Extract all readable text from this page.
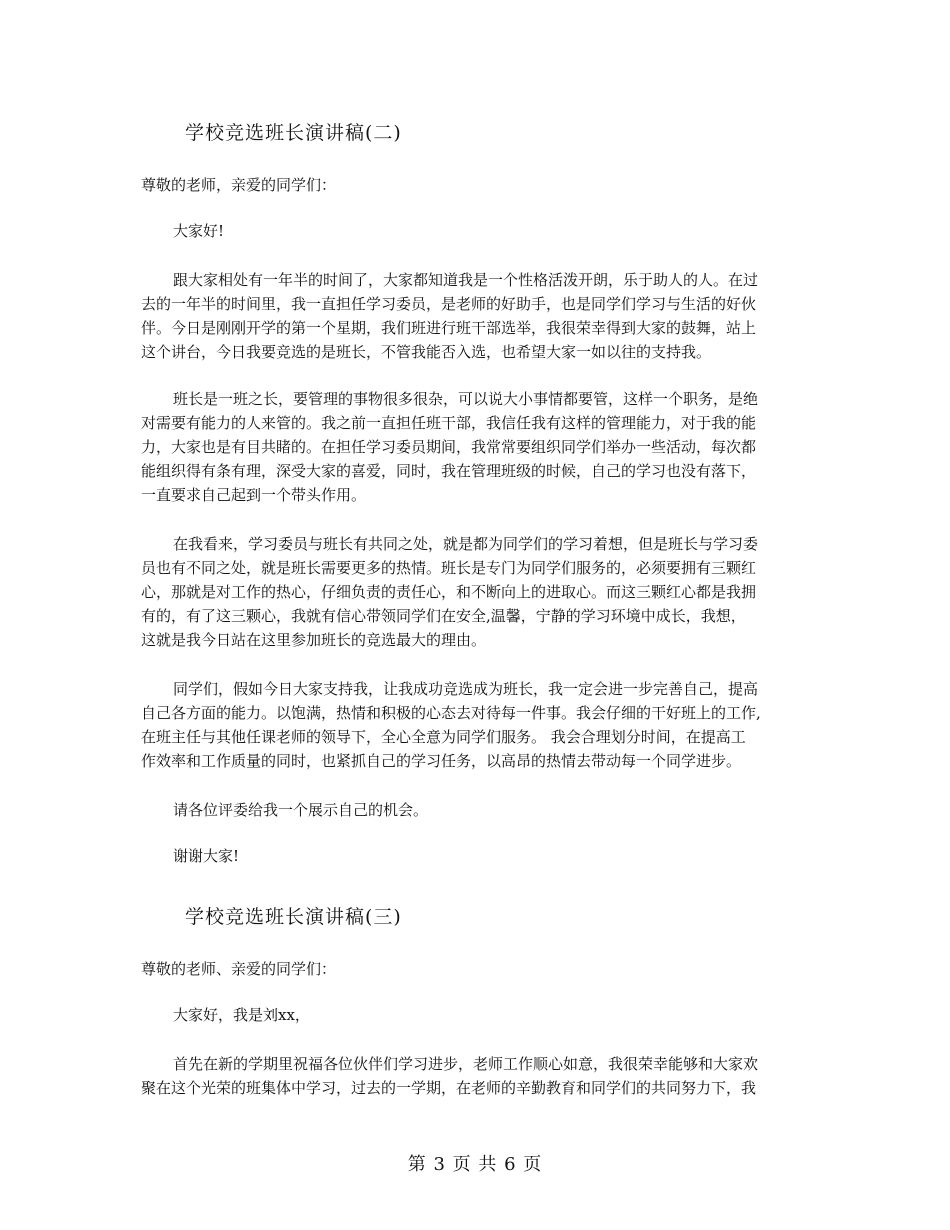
学校竞选班长演讲稿(二)
尊敬的老师，亲爱的同学们：
大家好!
跟大家相处有一年半的时间了，大家都知道我是一个性格活泼开朗，乐于助人的人。在过
去的一年半的时间里，我一直担任学习委员，是老师的好助手，也是同学们学习与生活的好伙
伴。今日是刚刚开学的第一个星期，我们班进行班干部选举，我很荣幸得到大家的鼓舞，站上
这个讲台，今日我要竞选的是班长，不管我能否入选，也希望大家一如以往的支持我。
班长是一班之长，要管理的事物很多很杂，可以说大小事情都要管，这样一个职务，是绝
对需要有能力的人来管的。我之前一直担任班干部，我信任我有这样的管理能力，对于我的能
力，大家也是有目共睹的。在担任学习委员期间，我常常要组织同学们举办一些活动，每次都
能组织得有条有理，深受大家的喜爱，同时，我在管理班级的时候，自己的学习也没有落下，
一直要求自己起到一个带头作用。
在我看来，学习委员与班长有共同之处，就是都为同学们的学习着想，但是班长与学习委
员也有不同之处，就是班长需要更多的热情。班长是专门为同学们服务的，必须要拥有三颗红
心，那就是对工作的热心，仔细负责的责任心，和不断向上的进取心。而这三颗红心都是我拥
有的，有了这三颗心，我就有信心带领同学们在安全,温馨，宁静的学习环境中成长，我想，
这就是我今日站在这里参加班长的竞选最大的理由。
同学们，假如今日大家支持我，让我成功竞选成为班长，我一定会进一步完善自己，提高
自己各方面的能力。以饱满，热情和积极的心态去对待每一件事。我会仔细的干好班上的工作,
在班主任与其他任课老师的领导下，全心全意为同学们服务。 我会合理划分时间，在提高工
作效率和工作质量的同时，也紧抓自己的学习任务，以高昂的热情去带动每一个同学进步。
请各位评委给我一个展示自己的机会。
谢谢大家!
学校竞选班长演讲稿(三)
尊敬的老师、亲爱的同学们：
大家好，我是刘xx，
首先在新的学期里祝福各位伙伴们学习进步，老师工作顺心如意，我很荣幸能够和大家欢
聚在这个光荣的班集体中学习，过去的一学期，在老师的辛勤教育和同学们的共同努力下，我
第 3 页 共 6 页
